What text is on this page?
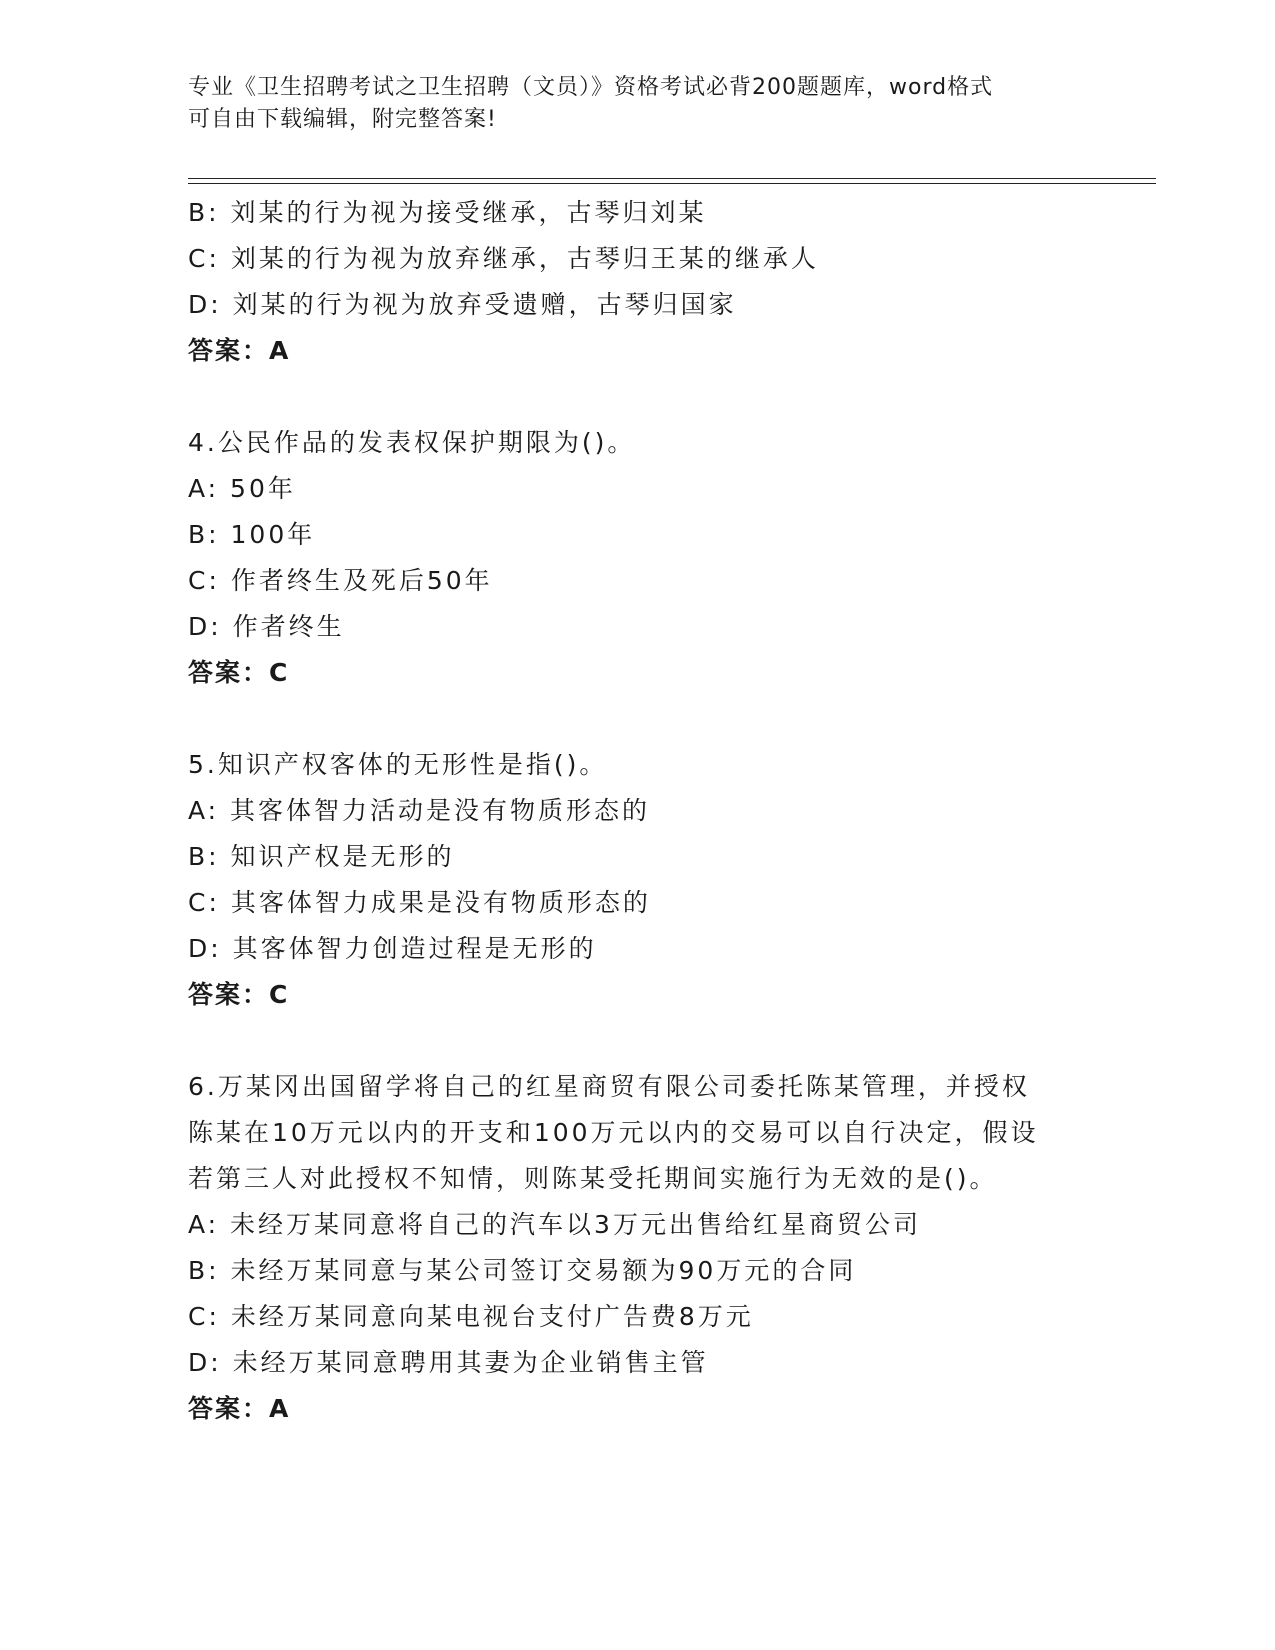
专业《卫生招聘考试之卫生招聘（文员）》资格考试必背200题题库，word格式
可自由下载编辑，附完整答案!
B: 刘某的行为视为接受继承，古琴归刘某
C: 刘某的行为视为放弃继承，古琴归王某的继承人
D: 刘某的行为视为放弃受遗赠，古琴归国家
答案：A
4.公民作品的发表权保护期限为()。
A: 50年
B: 100年
C: 作者终生及死后50年
D: 作者终生
答案：C
5.知识产权客体的无形性是指()。
A: 其客体智力活动是没有物质形态的
B: 知识产权是无形的
C: 其客体智力成果是没有物质形态的
D: 其客体智力创造过程是无形的
答案：C
6.万某冈出国留学将自己的红星商贸有限公司委托陈某管理，并授权
陈某在10万元以内的开支和100万元以内的交易可以自行决定，假设
若第三人对此授权不知情，则陈某受托期间实施行为无效的是()。
A: 未经万某同意将自己的汽车以3万元出售给红星商贸公司
B: 未经万某同意与某公司签订交易额为90万元的合同
C: 未经万某同意向某电视台支付广告费8万元
D: 未经万某同意聘用其妻为企业销售主管
答案：A
